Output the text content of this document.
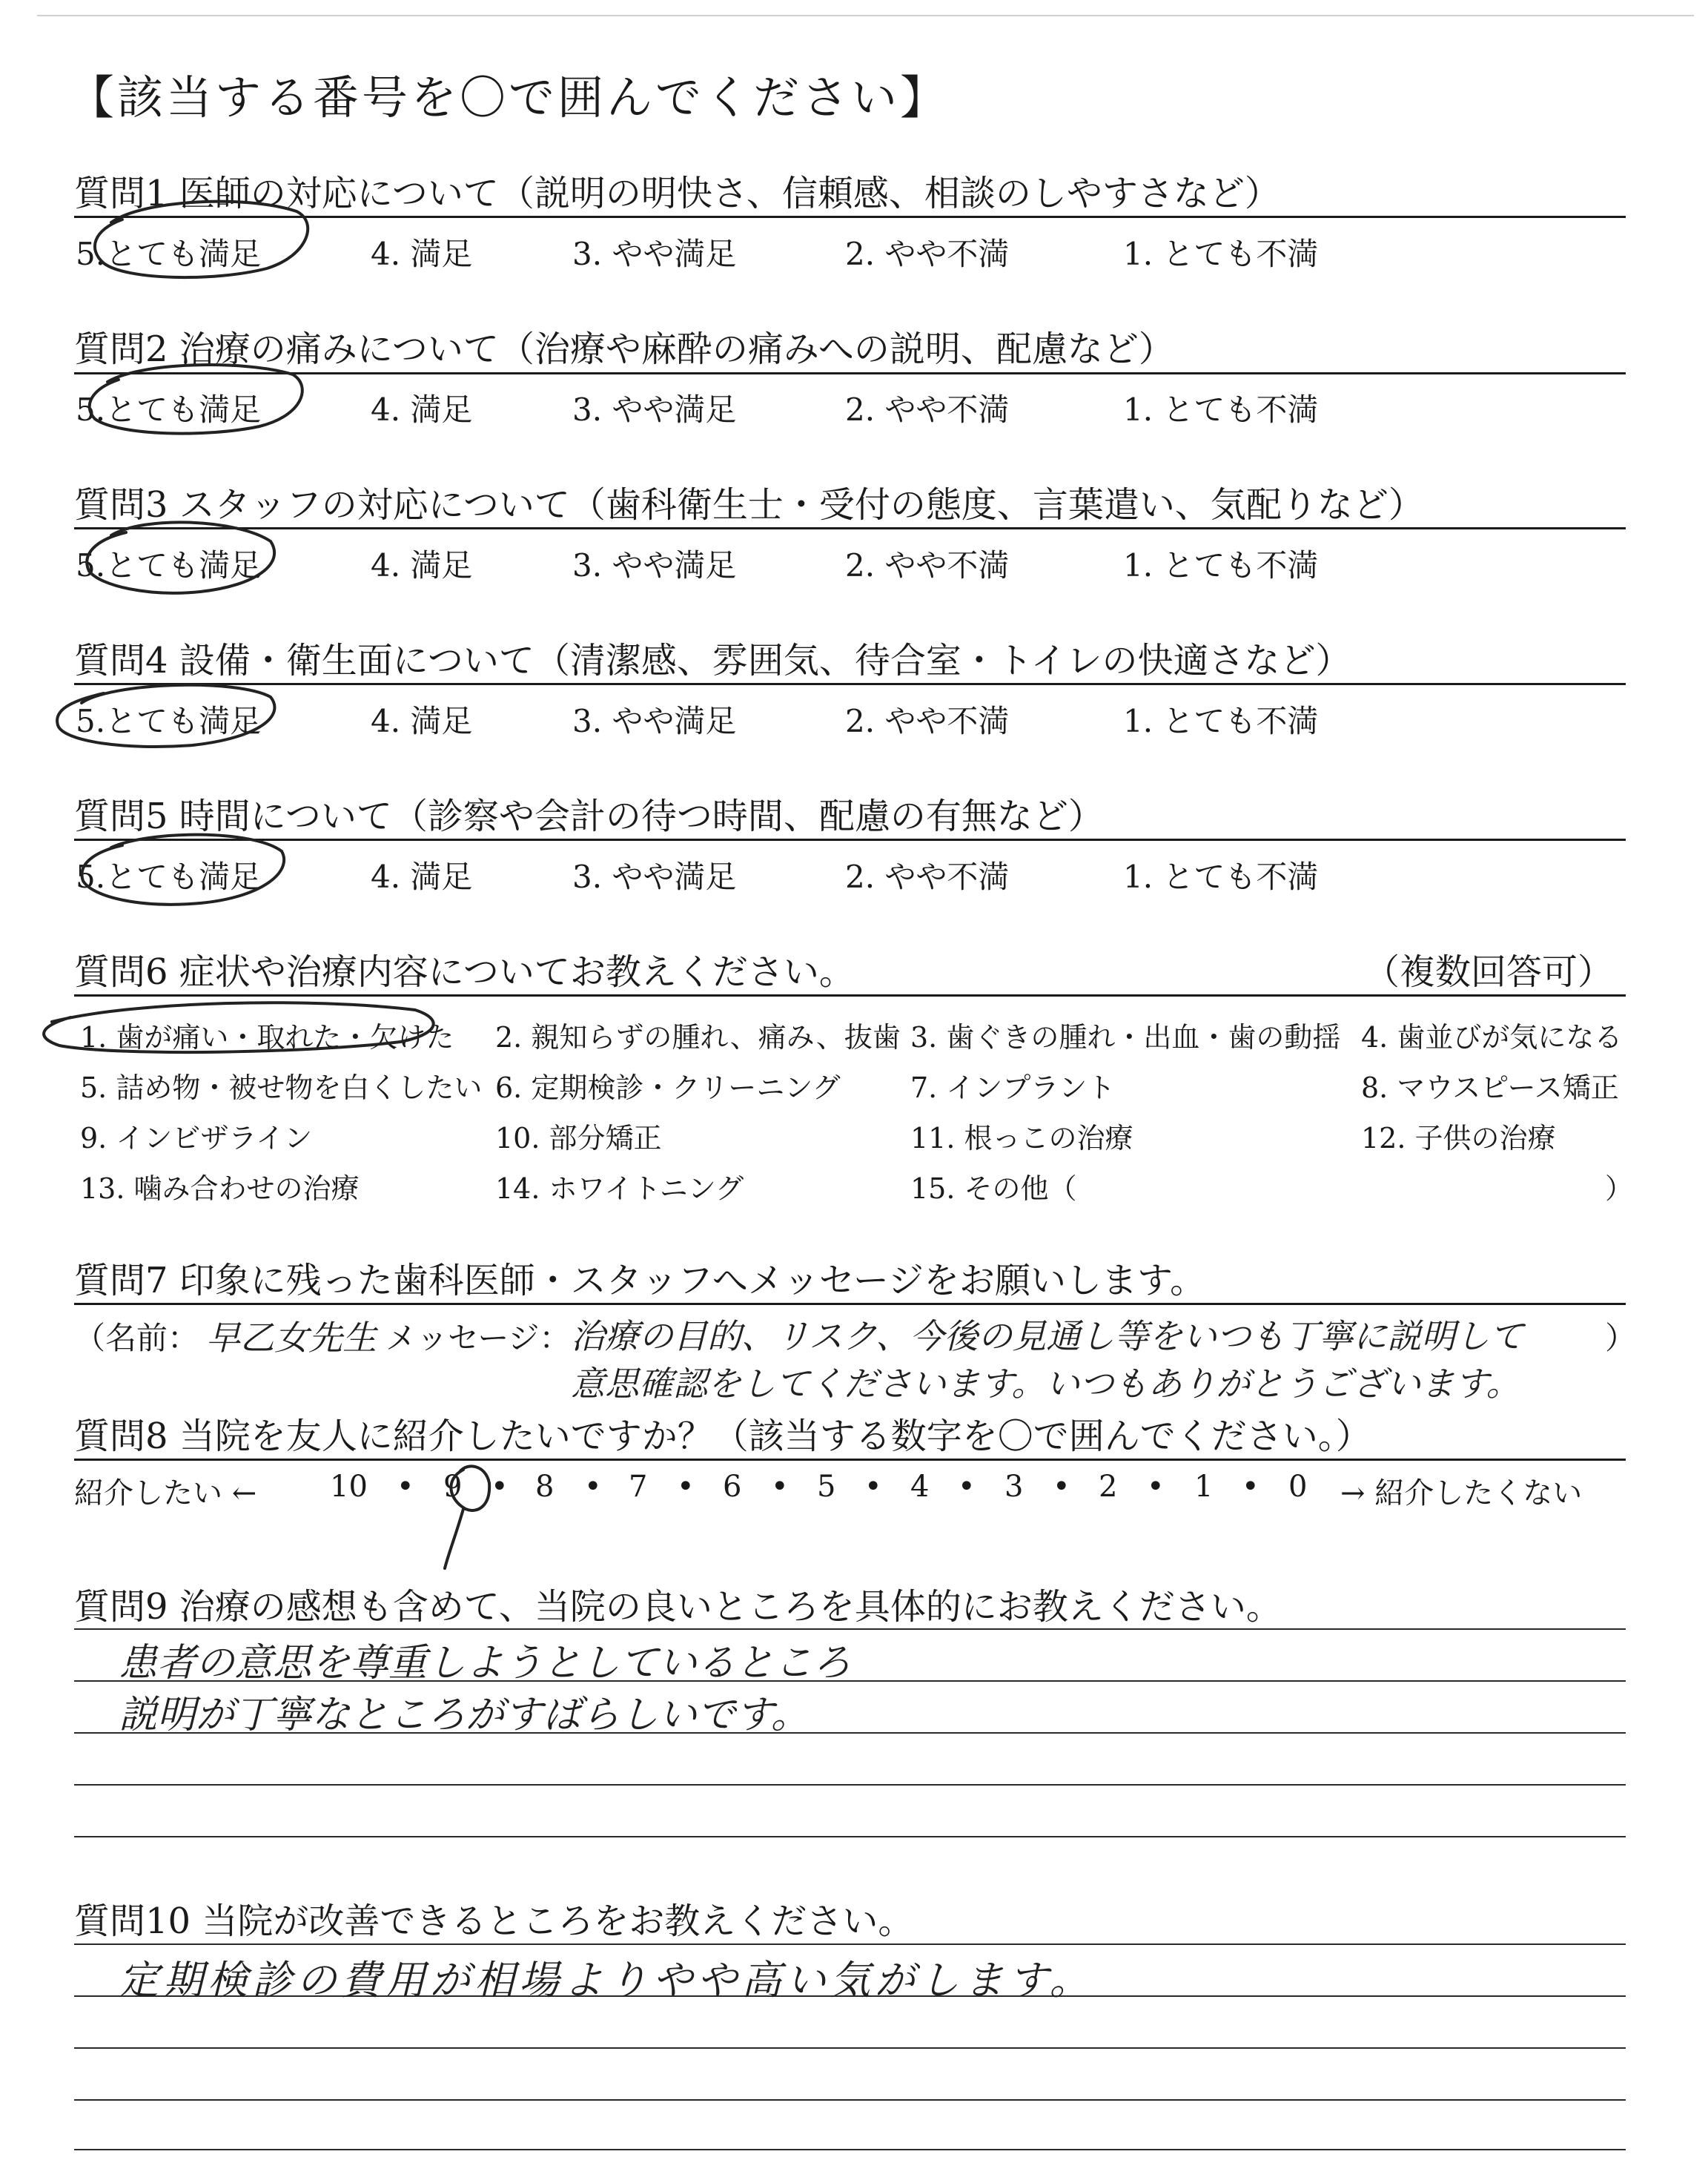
【該当する番号を〇で囲んでください】
質問1 医師の対応について（説明の明快さ、信頼感、相談のしやすさなど）
5.とても満足	4. 満足	3. やや満足	2. やや不満	1. とても不満
質問2 治療の痛みについて（治療や麻酔の痛みへの説明、配慮など）
5.とても満足	4. 満足	3. やや満足	2. やや不満	1. とても不満
質問3 スタッフの対応について（歯科衛生士・受付の態度、言葉遣い、気配りなど）
5.とても満足	4. 満足	3. やや満足	2. やや不満	1. とても不満
質問4 設備・衛生面について（清潔感、雰囲気、待合室・トイレの快適さなど）
5.とても満足	4. 満足	3. やや満足	2. やや不満	1. とても不満
質問5 時間について（診察や会計の待つ時間、配慮の有無など）
5.とても満足	4. 満足	3. やや満足	2. やや不満	1. とても不満
質問6 症状や治療内容についてお教えください。	（複数回答可）
1. 歯が痛い・取れた・欠けた 2. 親知らずの腫れ、痛み、抜歯 3. 歯ぐきの腫れ・出血・歯の動揺 4. 歯並びが気になる
5. 詰め物・被せ物を白くしたい 6. 定期検診・クリーニング 7. インプラント	8. マウスピース矯正
9. インビザライン	10. 部分矯正	11. 根っこの治療	12. 子供の治療
13. 噛み合わせの治療	14. ホワイトニング	15. その他（	）
質問7 印象に残った歯科医師・スタッフへメッセージをお願いします。
（名前： 早乙女先生 メッセージ： 治療の目的、リスク、今後の見通し等をいつも丁寧に説明して
意思確認をしてくださいます。いつもありがとうございます。
）
質問8 当院を友人に紹介したいですか？（該当する数字を〇で囲んでください。）
紹介したい ← 10	9 8	7	6	5	4	3	2	1	0
•	•	•	•	•	•	•	•	•	•	→ 紹介したくない
質問9 治療の感想も含めて、当院の良いところを具体的にお教えください。
患者の意思を尊重しようとしているところ
説明が丁寧なところがすばらしいです。
質問10 当院が改善できるところをお教えください。
定期検診の費用が相場よりやや高い気がします。
